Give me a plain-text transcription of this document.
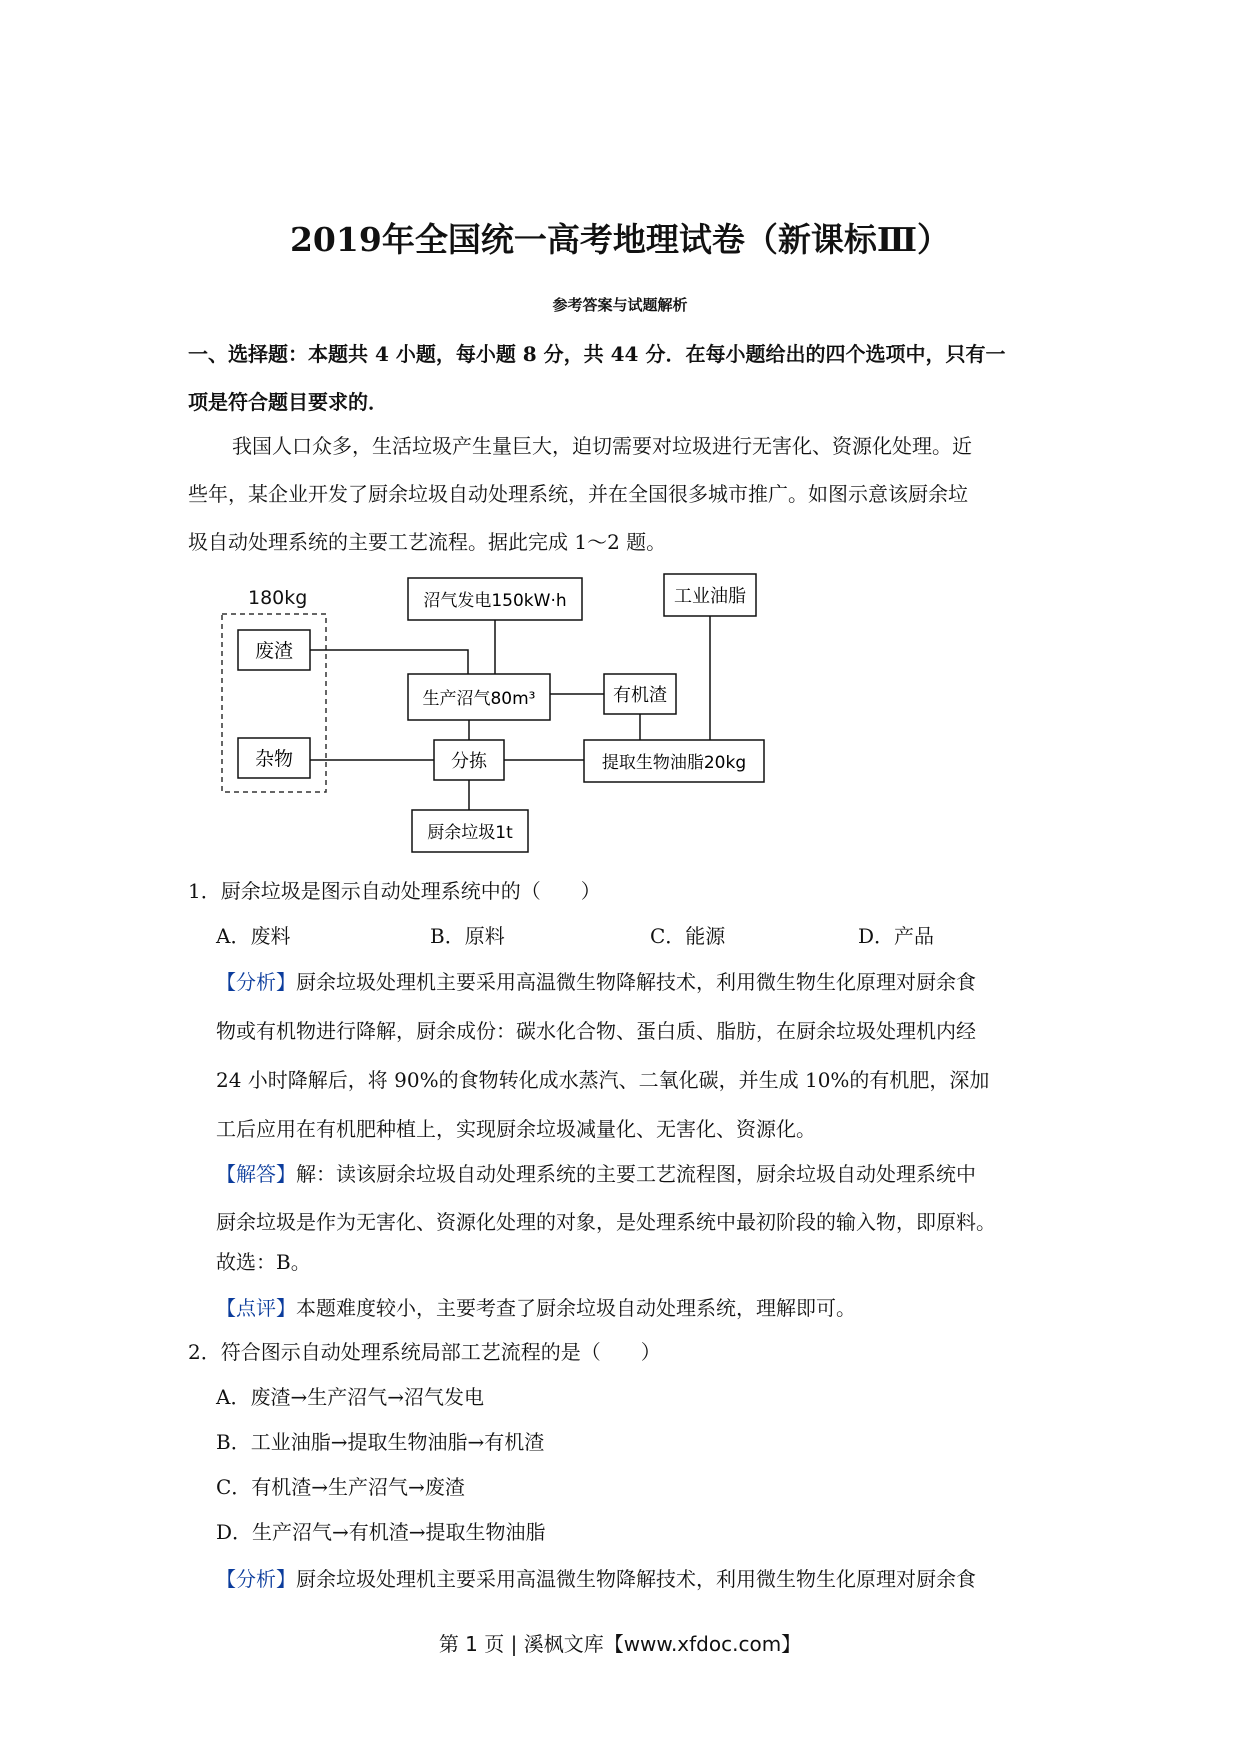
2019年全国统一高考地理试卷（新课标Ⅲ）
参考答案与试题解析
一、选择题：本题共 4 小题，每小题 8 分，共 44 分．在每小题给出的四个选项中，只有一
项是符合题目要求的．
我国人口众多，生活垃圾产生量巨大，迫切需要对垃圾进行无害化、资源化处理。近
些年，某企业开发了厨余垃圾自动处理系统，并在全国很多城市推广。如图示意该厨余垃
圾自动处理系统的主要工艺流程。据此完成 1～2 题。
180kg
废渣
杂物
沼气发电150kW·h
生产沼气80m³
分拣
厨余垃圾1t
有机渣
工业油脂
提取生物油脂20kg
1．厨余垃圾是图示自动处理系统中的（　　）
A．废料	B．原料	C．能源	D．产品
【分析】厨余垃圾处理机主要采用高温微生物降解技术，利用微生物生化原理对厨余食
物或有机物进行降解，厨余成份：碳水化合物、蛋白质、脂肪，在厨余垃圾处理机内经
24 小时降解后，将 90%的食物转化成水蒸汽、二氧化碳，并生成 10%的有机肥，深加
工后应用在有机肥种植上，实现厨余垃圾减量化、无害化、资源化。
【解答】解：读该厨余垃圾自动处理系统的主要工艺流程图，厨余垃圾自动处理系统中
厨余垃圾是作为无害化、资源化处理的对象，是处理系统中最初阶段的输入物，即原料。
故选：B。
【点评】本题难度较小，主要考查了厨余垃圾自动处理系统，理解即可。
2．符合图示自动处理系统局部工艺流程的是（　　）
A．废渣→生产沼气→沼气发电
B．工业油脂→提取生物油脂→有机渣
C．有机渣→生产沼气→废渣
D．生产沼气→有机渣→提取生物油脂
【分析】厨余垃圾处理机主要采用高温微生物降解技术，利用微生物生化原理对厨余食
第 1 页 | 溪枫文库【www.xfdoc.com】
